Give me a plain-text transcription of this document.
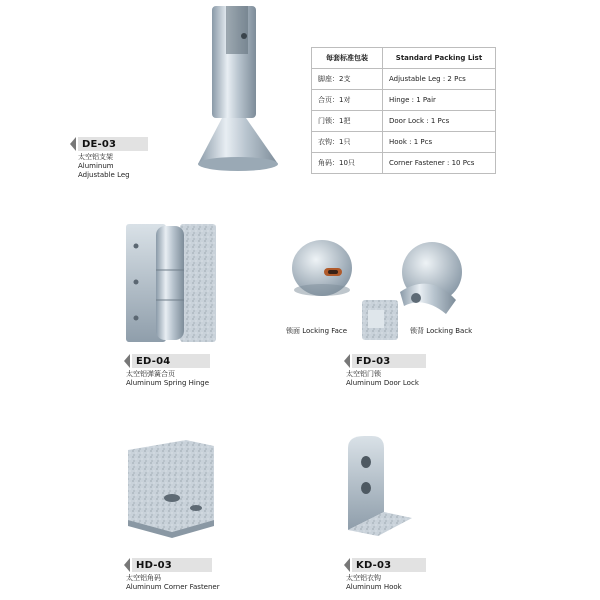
每套标准包装	Standard Packing List
脚座：2支	Adjustable Leg : 2 Pcs
合页：1对	Hinge : 1 Pair
门锁：1把	Door Lock : 1 Pcs
衣钩：1只	Hook : 1 Pcs
角码：10只	Corner Fastener : 10 Pcs
DE-03
太空铝支架
Aluminum
Adjustable Leg
ED-04
太空铝弹簧合页
Aluminum Spring Hinge
锁面 Locking Face	锁背 Locking Back
FD-03
太空铝门锁
Aluminum Door Lock
HD-03
太空铝角码
Aluminum Corner Fastener
KD-03
太空铝衣钩
Aluminum Hook
